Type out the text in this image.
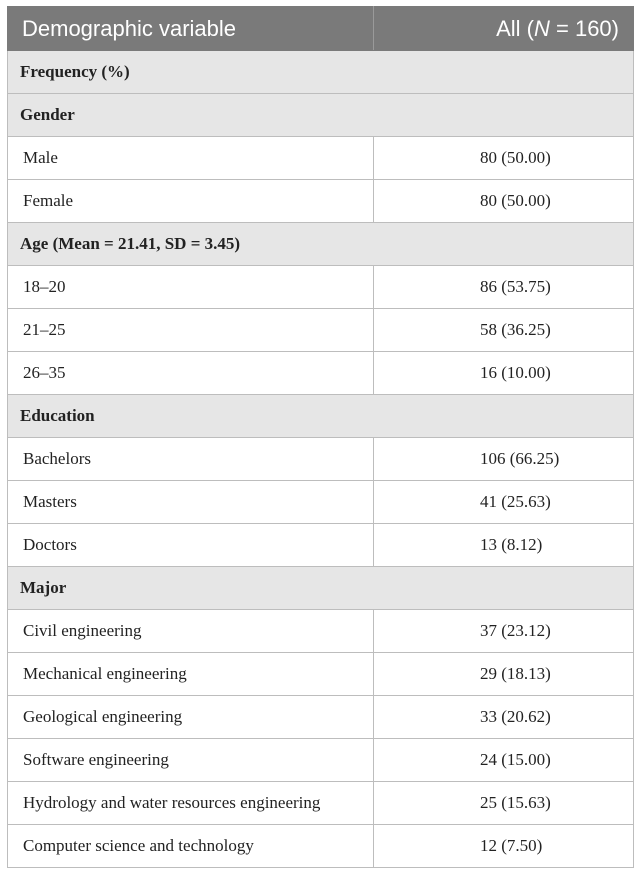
Demographic variable	All (N = 160)
Frequency (%)	
Gender	
Male	80 (50.00)
Female	80 (50.00)
Age (Mean = 21.41, SD = 3.45)	
18–20	86 (53.75)
21–25	58 (36.25)
26–35	16 (10.00)
Education	
Bachelors	106 (66.25)
Masters	41 (25.63)
Doctors	13 (8.12)
Major	
Civil engineering	37 (23.12)
Mechanical engineering	29 (18.13)
Geological engineering	33 (20.62)
Software engineering	24 (15.00)
Hydrology and water resources engineering	25 (15.63)
Computer science and technology	12 (7.50)
